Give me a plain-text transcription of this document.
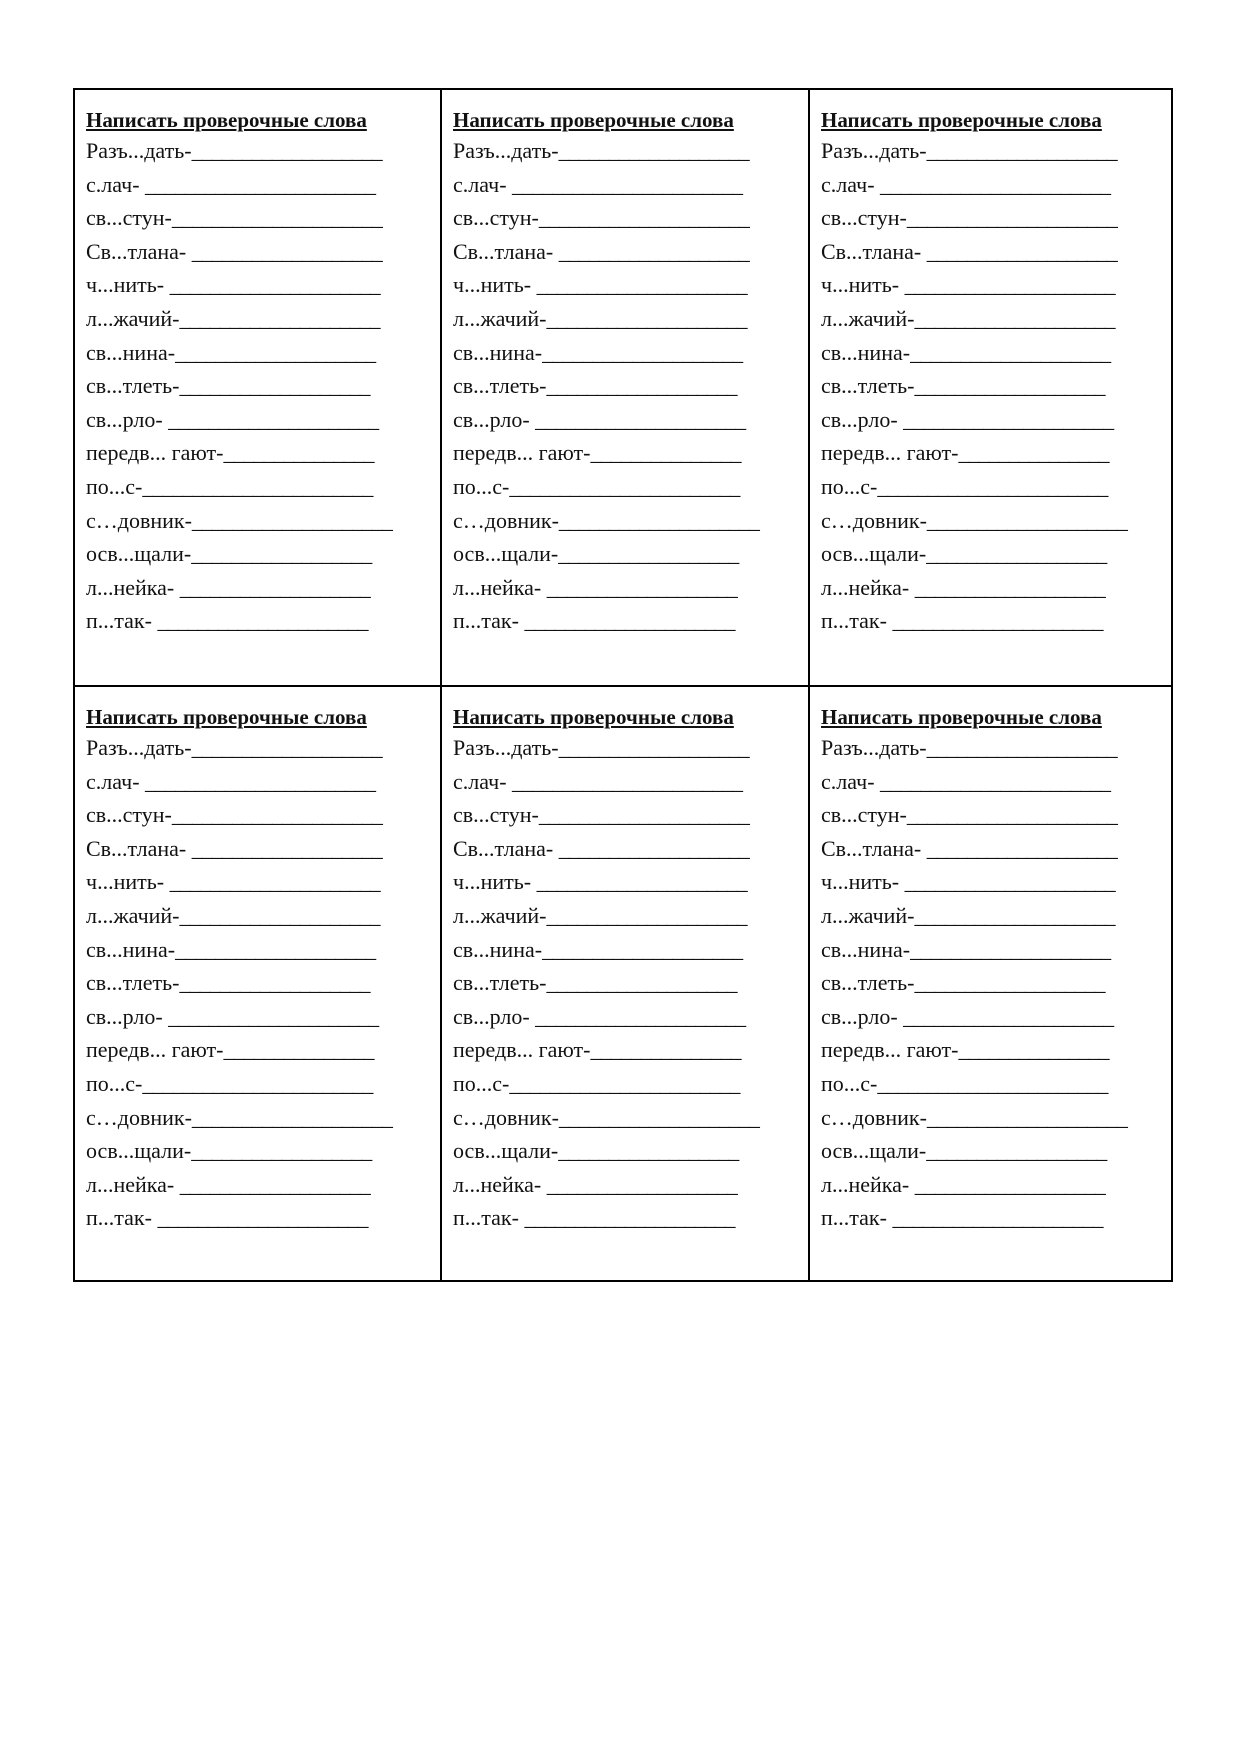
Написать проверочные слова
Разъ...дать-___________________
с.лач- _______________________
св...стун-_____________________
Св...тлана- ___________________
ч...нить- _____________________
л...жачий-____________________
св...нина-____________________
св...тлеть-___________________
св...рло- _____________________
передв... гают-_______________
по...с-_______________________
с…довник-____________________
осв...щали-__________________
л...нейка- ___________________
п...так- _____________________
Написать проверочные слова
Разъ...дать-___________________
с.лач- _______________________
св...стун-_____________________
Св...тлана- ___________________
ч...нить- _____________________
л...жачий-____________________
св...нина-____________________
св...тлеть-___________________
св...рло- _____________________
передв... гают-_______________
по...с-_______________________
с…довник-____________________
осв...щали-__________________
л...нейка- ___________________
п...так- _____________________
Написать проверочные слова
Разъ...дать-___________________
с.лач- _______________________
св...стун-_____________________
Св...тлана- ___________________
ч...нить- _____________________
л...жачий-____________________
св...нина-____________________
св...тлеть-___________________
св...рло- _____________________
передв... гают-_______________
по...с-_______________________
с…довник-____________________
осв...щали-__________________
л...нейка- ___________________
п...так- _____________________
Написать проверочные слова
Разъ...дать-___________________
с.лач- _______________________
св...стун-_____________________
Св...тлана- ___________________
ч...нить- _____________________
л...жачий-____________________
св...нина-____________________
св...тлеть-___________________
св...рло- _____________________
передв... гают-_______________
по...с-_______________________
с…довник-____________________
осв...щали-__________________
л...нейка- ___________________
п...так- _____________________
Написать проверочные слова
Разъ...дать-___________________
с.лач- _______________________
св...стун-_____________________
Св...тлана- ___________________
ч...нить- _____________________
л...жачий-____________________
св...нина-____________________
св...тлеть-___________________
св...рло- _____________________
передв... гают-_______________
по...с-_______________________
с…довник-____________________
осв...щали-__________________
л...нейка- ___________________
п...так- _____________________
Написать проверочные слова
Разъ...дать-___________________
с.лач- _______________________
св...стун-_____________________
Св...тлана- ___________________
ч...нить- _____________________
л...жачий-____________________
св...нина-____________________
св...тлеть-___________________
св...рло- _____________________
передв... гают-_______________
по...с-_______________________
с…довник-____________________
осв...щали-__________________
л...нейка- ___________________
п...так- _____________________
